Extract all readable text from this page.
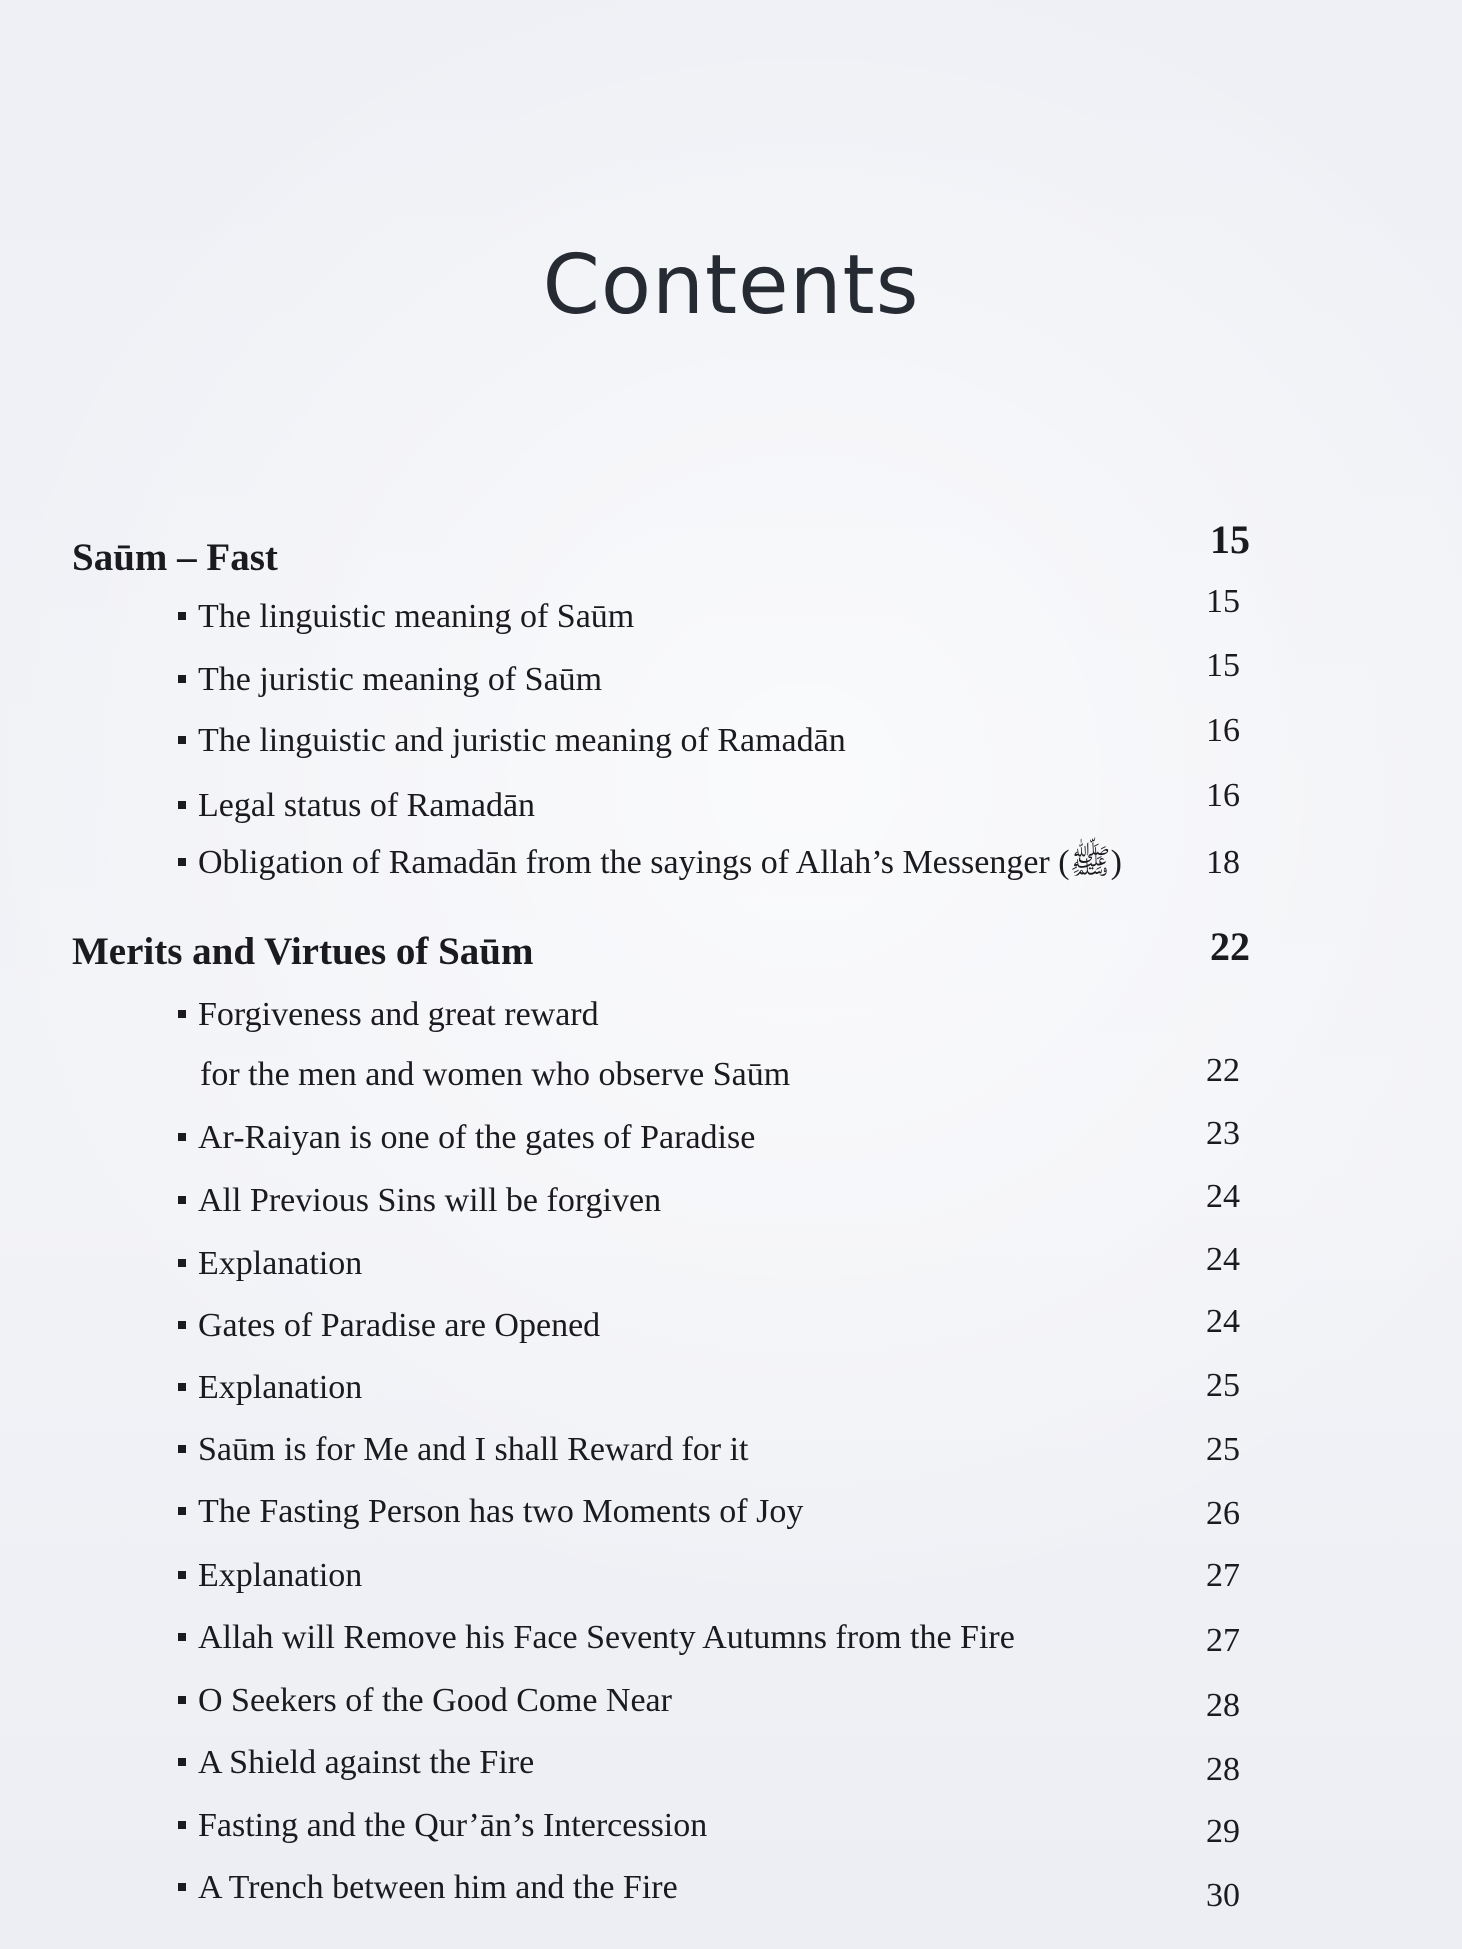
Contents
Saūm – Fast	15
The linguistic meaning of Saūm	15
The juristic meaning of Saūm	15
The linguistic and juristic meaning of Ramadān	16
Legal status of Ramadān	16
Obligation of Ramadān from the sayings of Allah’s Messenger (ﷺ) 18
Merits and Virtues of Saūm	22
Forgiveness and great reward
for the men and women who observe Saūm	22
Ar-Raiyan is one of the gates of Paradise	23
All Previous Sins will be forgiven	24
Explanation	24
Gates of Paradise are Opened	24
Explanation	25
Saūm is for Me and I shall Reward for it	25
The Fasting Person has two Moments of Joy	26
Explanation	27
Allah will Remove his Face Seventy Autumns from the Fire	27
O Seekers of the Good Come Near	28
A Shield against the Fire	28
Fasting and the Qur’ān’s Intercession	29
A Trench between him and the Fire	30
